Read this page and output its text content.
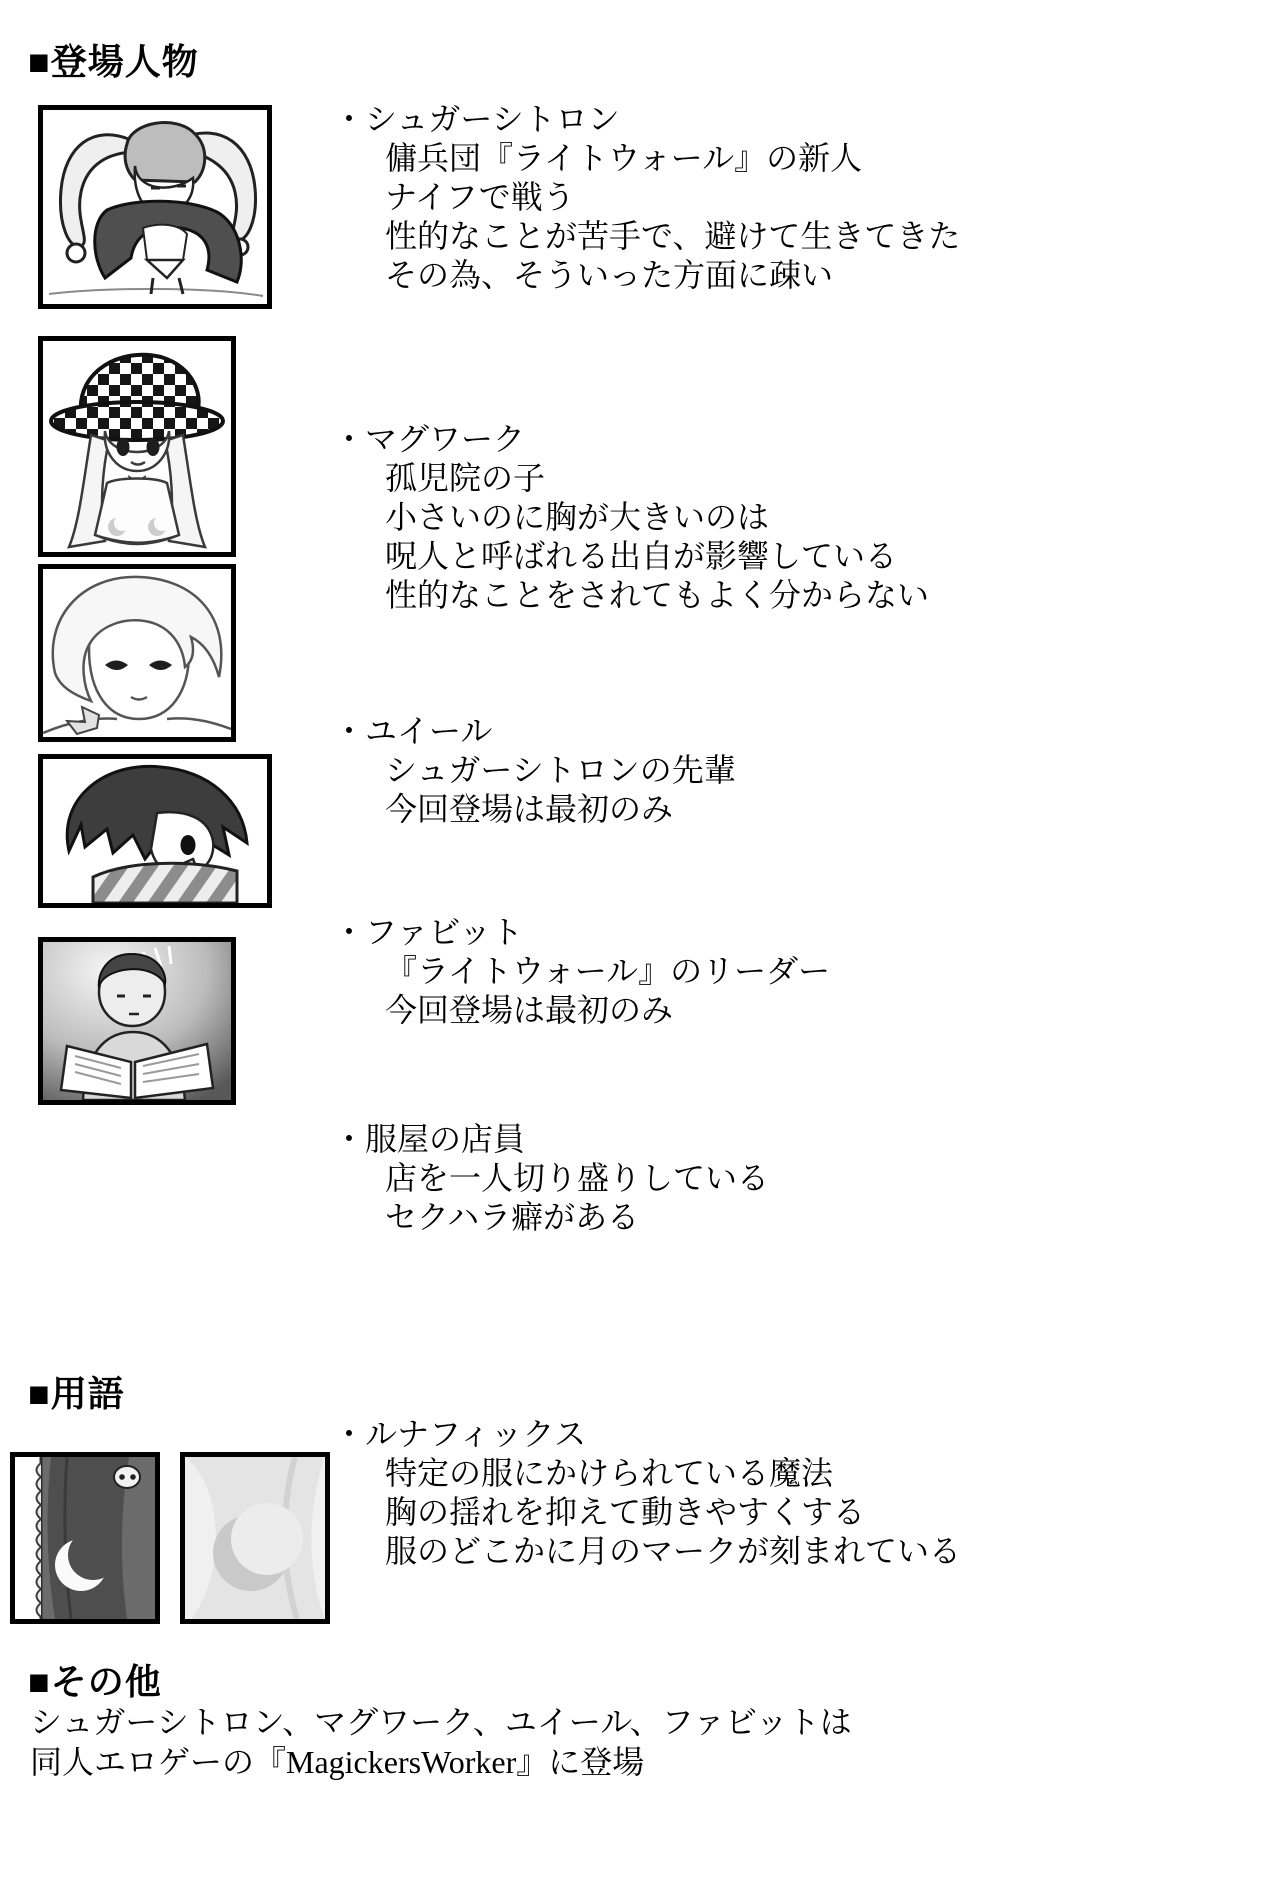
■登場人物
・シュガーシトロン
傭兵団『ライトウォール』の新人
ナイフで戦う
性的なことが苦手で、避けて生きてきた
その為、そういった方面に疎い
・マグワーク
孤児院の子
小さいのに胸が大きいのは
呪人と呼ばれる出自が影響している
性的なことをされてもよく分からない
・ユイール
シュガーシトロンの先輩
今回登場は最初のみ
・ファビット
『ライトウォール』のリーダー
今回登場は最初のみ
・服屋の店員
店を一人切り盛りしている
セクハラ癖がある
■用語
・ルナフィックス
特定の服にかけられている魔法
胸の揺れを抑えて動きやすくする
服のどこかに月のマークが刻まれている
■その他
シュガーシトロン、マグワーク、ユイール、ファビットは
同人エロゲーの『MagickersWorker』に登場
